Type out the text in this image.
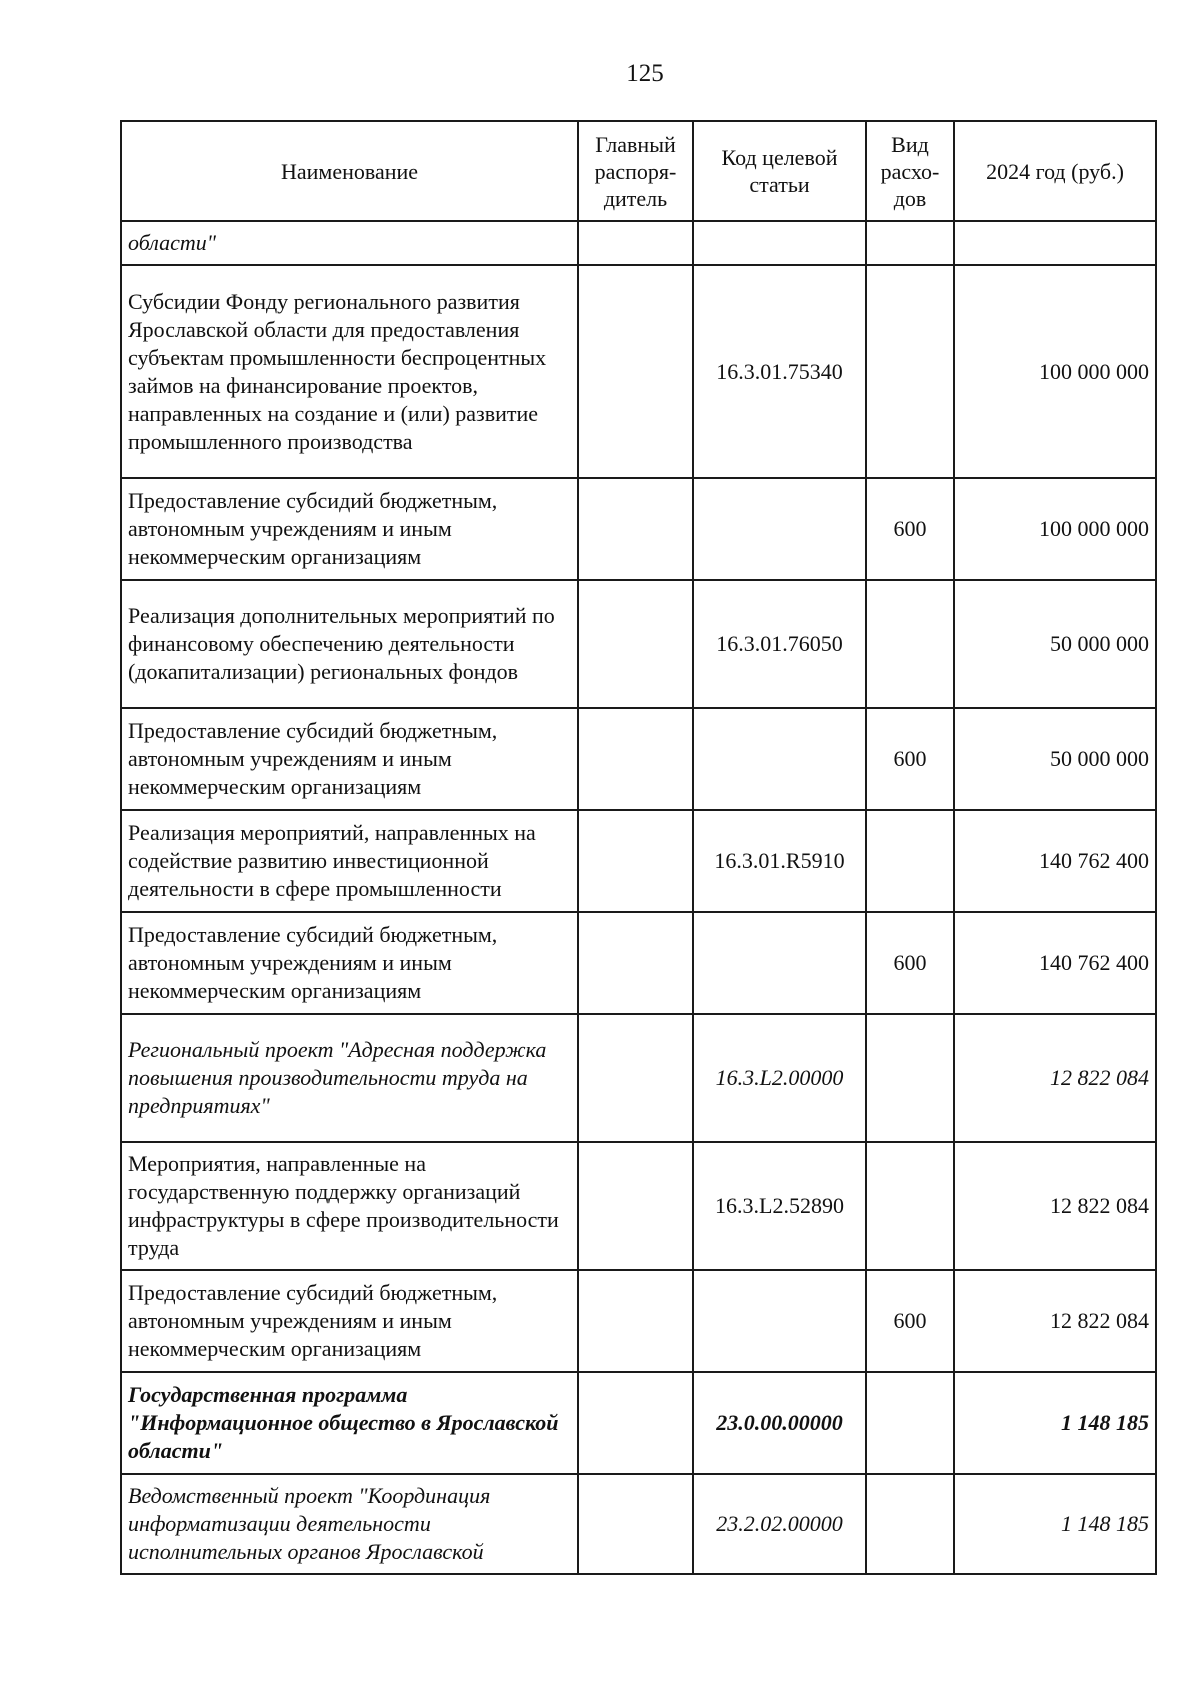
125
Наименование	Главный распоря-дитель	Код целевой статьи	Вид расхо-дов	2024 год (руб.)
области"				
Субсидии Фонду регионального развития Ярославской области для предоставления субъектам промышленности беспроцентных займов на финансирование проектов, направленных на создание и (или) развитие промышленного производства		16.3.01.75340		100 000 000
Предоставление субсидий бюджетным, автономным учреждениям и иным некоммерческим организациям			600	100 000 000
Реализация дополнительных мероприятий по финансовому обеспечению деятельности (докапитализации) региональных фондов		16.3.01.76050		50 000 000
Предоставление субсидий бюджетным, автономным учреждениям и иным некоммерческим организациям			600	50 000 000
Реализация мероприятий, направленных на содействие развитию инвестиционной деятельности в сфере промышленности		16.3.01.R5910		140 762 400
Предоставление субсидий бюджетным, автономным учреждениям и иным некоммерческим организациям			600	140 762 400
Региональный проект "Адресная поддержка повышения производительности труда на предприятиях"		16.3.L2.00000		12 822 084
Мероприятия, направленные на государственную поддержку организаций инфраструктуры в сфере производительности труда		16.3.L2.52890		12 822 084
Предоставление субсидий бюджетным, автономным учреждениям и иным некоммерческим организациям			600	12 822 084
Государственная программа "Информационное общество в Ярославской области"		23.0.00.00000		1 148 185
Ведомственный проект "Координация информатизации деятельности исполнительных органов Ярославской		23.2.02.00000		1 148 185
